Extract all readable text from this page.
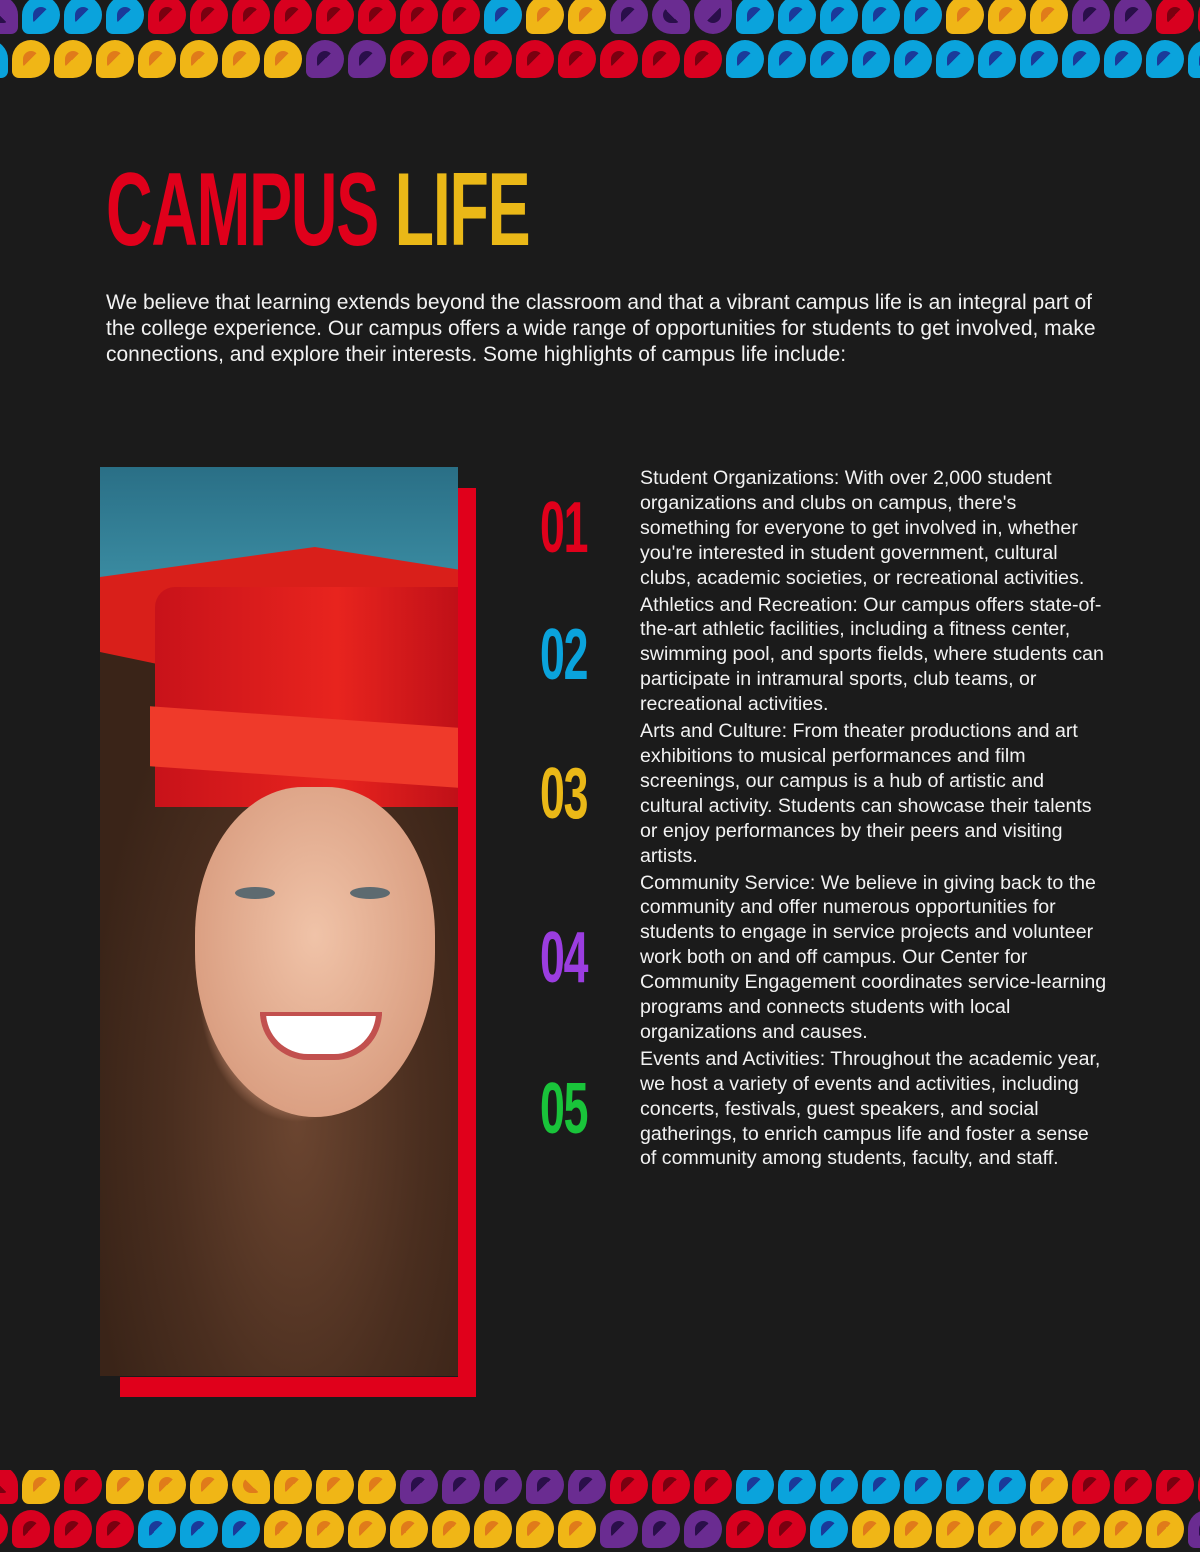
CAMPUS LIFE
We believe that learning extends beyond the classroom and that a vibrant campus life is an integral part of the college experience. Our campus offers a wide range of opportunities for students to get involved, make connections, and explore their interests. Some highlights of campus life include:
01
Student Organizations: With over 2,000 student organizations and clubs on campus, there's something for everyone to get involved in, whether you're interested in student government, cultural clubs, academic societies, or recreational activities.
02
Athletics and Recreation: Our campus offers state-of-the-art athletic facilities, including a fitness center, swimming pool, and sports fields, where students can participate in intramural sports, club teams, or recreational activities.
03
Arts and Culture: From theater productions and art exhibitions to musical performances and film screenings, our campus is a hub of artistic and cultural activity. Students can showcase their talents or enjoy performances by their peers and visiting artists.
04
Community Service: We believe in giving back to the community and offer numerous opportunities for students to engage in service projects and volunteer work both on and off campus. Our Center for Community Engagement coordinates service-learning programs and connects students with local organizations and causes.
05
Events and Activities: Throughout the academic year, we host a variety of events and activities, including concerts, festivals, guest speakers, and social gatherings, to enrich campus life and foster a sense of community among students, faculty, and staff.
